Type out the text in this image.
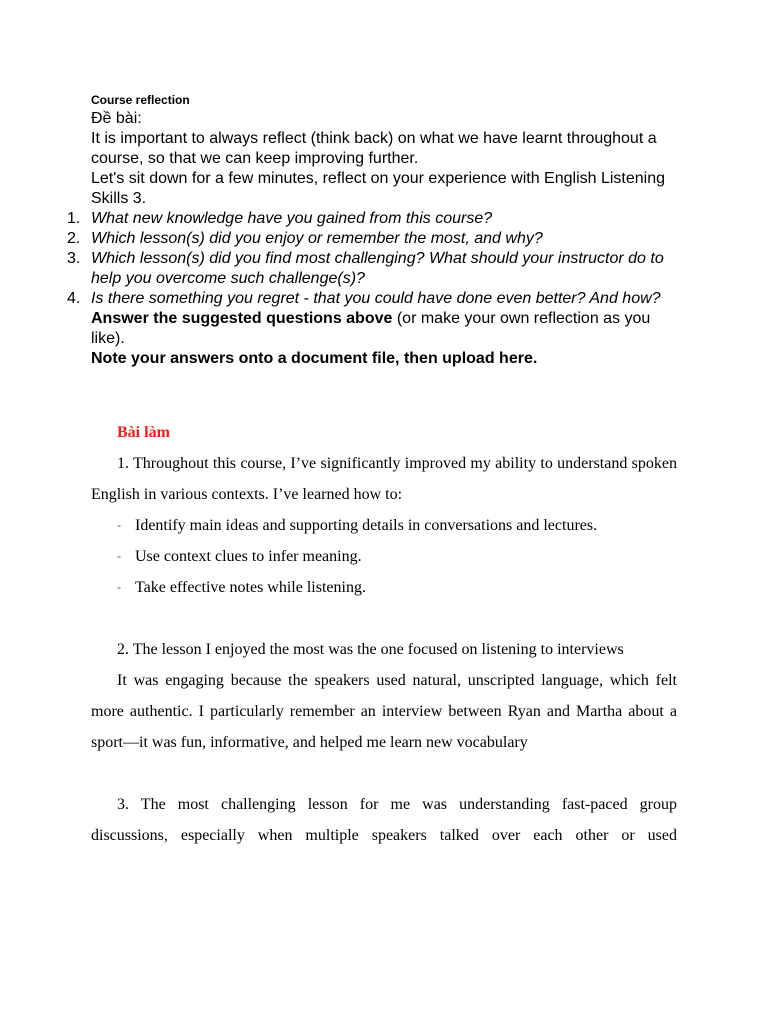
Course reflection

Đề bài:

It is important to always reflect (think back) on what we have learnt throughout a course, so that we can keep improving further.

Let's sit down for a few minutes, reflect on your experience with English Listening Skills 3.

1. What new knowledge have you gained from this course?
2. Which lesson(s) did you enjoy or remember the most, and why?
3. Which lesson(s) did you find most challenging? What should your instructor do to help you overcome such challenge(s)?
4. Is there something you regret - that you could have done even better? And how?

Answer the suggested questions above (or make your own reflection as you like).

Note your answers onto a document file, then upload here.

Bài làm

1. Throughout this course, I’ve significantly improved my ability to understand spoken English in various contexts. I’ve learned how to:

- Identify main ideas and supporting details in conversations and lectures.
- Use context clues to infer meaning.
- Take effective notes while listening.

2. The lesson I enjoyed the most was the one focused on listening to interviews

It was engaging because the speakers used natural, unscripted language, which felt more authentic. I particularly remember an interview between Ryan and Martha about a sport—it was fun, informative, and helped me learn new vocabulary

3. The most challenging lesson for me was understanding fast-paced group discussions, especially when multiple speakers talked over each other or used
